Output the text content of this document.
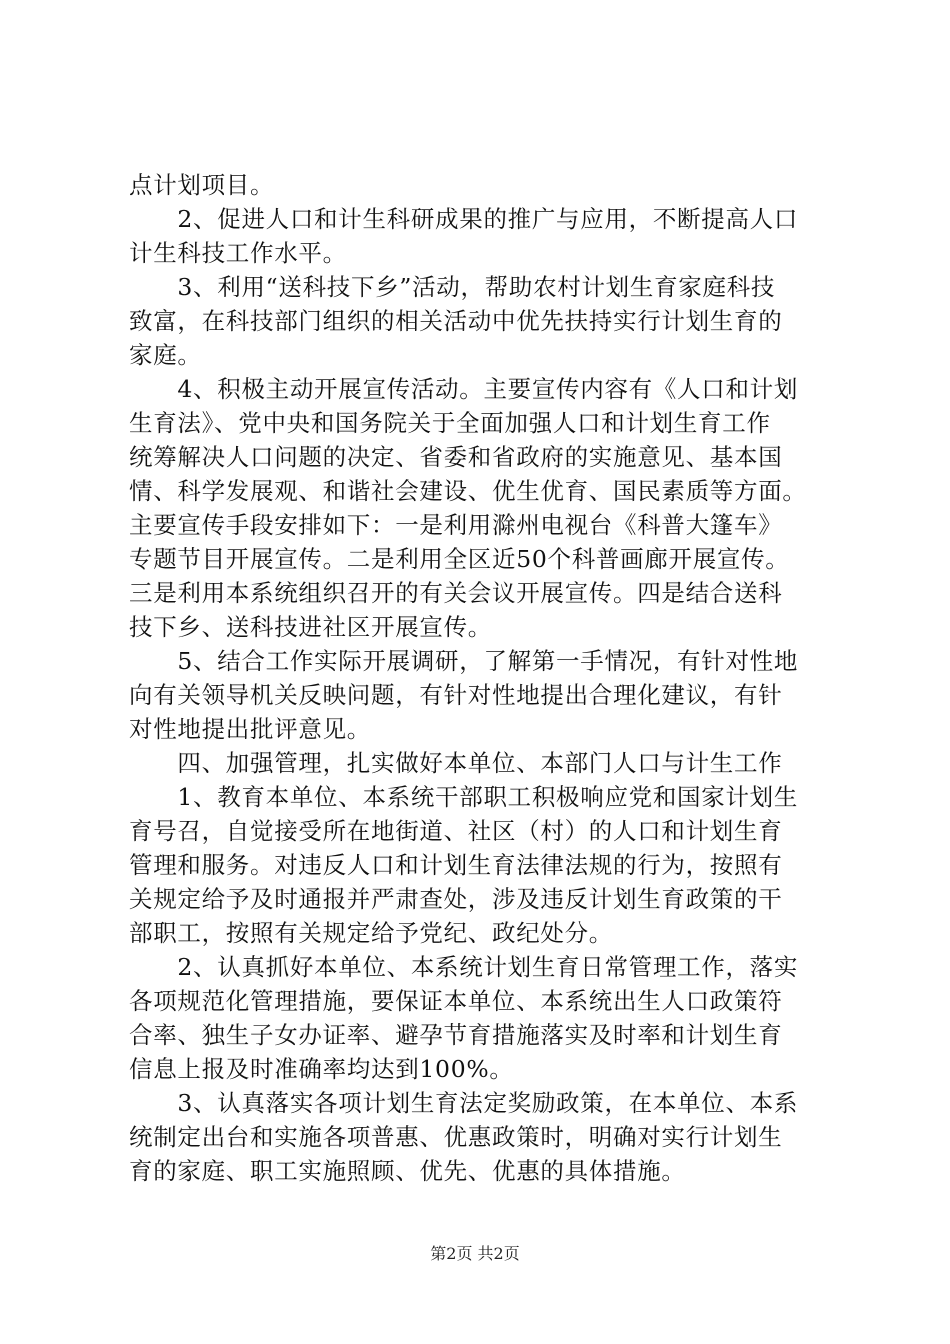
点计划项目。
　　2、促进人口和计生科研成果的推广与应用，不断提高人口
计生科技工作水平。
　　3、利用“送科技下乡”活动，帮助农村计划生育家庭科技
致富，在科技部门组织的相关活动中优先扶持实行计划生育的
家庭。
　　4、积极主动开展宣传活动。主要宣传内容有《人口和计划
生育法》、党中央和国务院关于全面加强人口和计划生育工作
统筹解决人口问题的决定、省委和省政府的实施意见、基本国
情、科学发展观、和谐社会建设、优生优育、国民素质等方面。
主要宣传手段安排如下：一是利用滁州电视台《科普大篷车》
专题节目开展宣传。二是利用全区近50个科普画廊开展宣传。
三是利用本系统组织召开的有关会议开展宣传。四是结合送科
技下乡、送科技进社区开展宣传。
　　5、结合工作实际开展调研，了解第一手情况，有针对性地
向有关领导机关反映问题，有针对性地提出合理化建议，有针
对性地提出批评意见。
　　四、加强管理，扎实做好本单位、本部门人口与计生工作
　　1、教育本单位、本系统干部职工积极响应党和国家计划生
育号召，自觉接受所在地街道、社区（村）的人口和计划生育
管理和服务。对违反人口和计划生育法律法规的行为，按照有
关规定给予及时通报并严肃查处，涉及违反计划生育政策的干
部职工，按照有关规定给予党纪、政纪处分。
　　2、认真抓好本单位、本系统计划生育日常管理工作，落实
各项规范化管理措施，要保证本单位、本系统出生人口政策符
合率、独生子女办证率、避孕节育措施落实及时率和计划生育
信息上报及时准确率均达到100%。
　　3、认真落实各项计划生育法定奖励政策，在本单位、本系
统制定出台和实施各项普惠、优惠政策时，明确对实行计划生
育的家庭、职工实施照顾、优先、优惠的具体措施。
第2页 共2页
